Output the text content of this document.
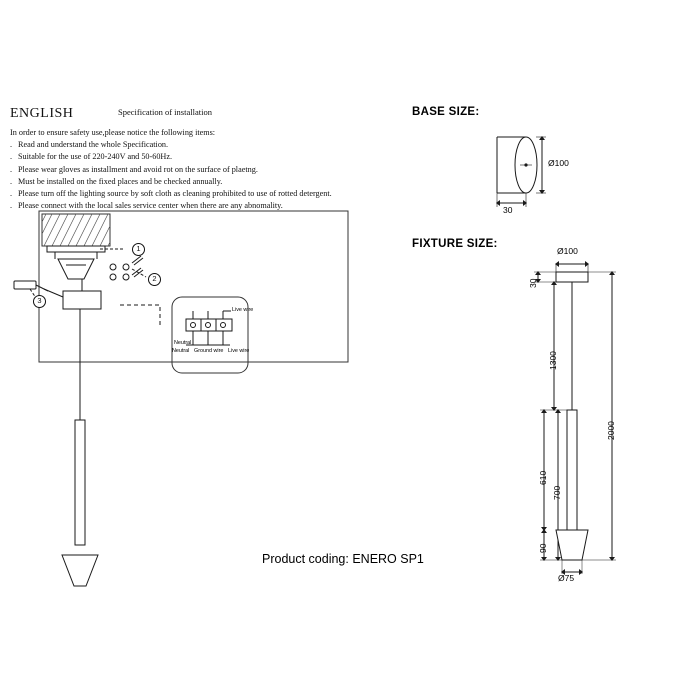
ENGLISH	Specification of installation
In order to ensure safety use,please notice the following items:
. Read and understand the whole Specification.
. Suitable for the use of 220-240V and 50-60Hz.
. Please wear gloves as installment and avoid rot on the surface of plaetng.
. Must be installed on the fixed places and be checked annually.
. Please turn off the lighting source by soft cloth as cleaning prohibited to use of rotted detergent.
. Please connect with the local sales service center when there are any abnomality.
1
2
3
Live wire
Neutral
Neutral Ground wire Live wire
BASE SIZE:
Ø100
30
FIXTURE SIZE:
Ø100
30
1300
2000
610
700
90
Ø75
Product coding: ENERO SP1
